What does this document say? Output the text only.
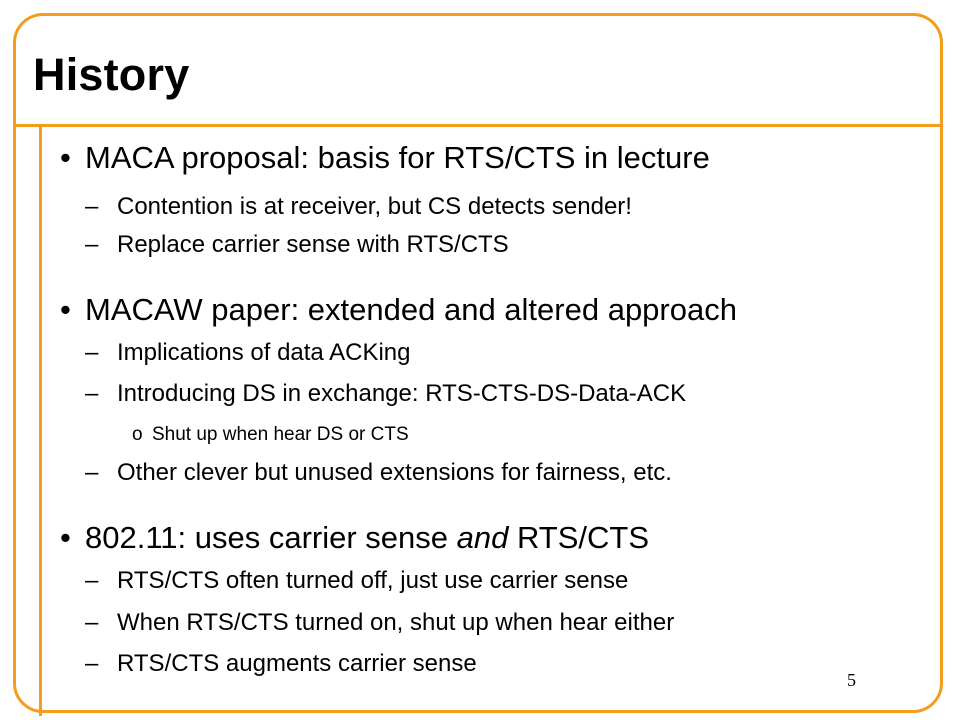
History
• MACA proposal: basis for RTS/CTS in lecture
– Contention is at receiver, but CS detects sender!
– Replace carrier sense with RTS/CTS
• MACAW paper: extended and altered approach
– Implications of data ACKing
– Introducing DS in exchange: RTS-CTS-DS-Data-ACK
o Shut up when hear DS or CTS
– Other clever but unused extensions for fairness, etc.
• 802.11: uses carrier sense and RTS/CTS
– RTS/CTS often turned off, just use carrier sense
– When RTS/CTS turned on, shut up when hear either
– RTS/CTS augments carrier sense
5
